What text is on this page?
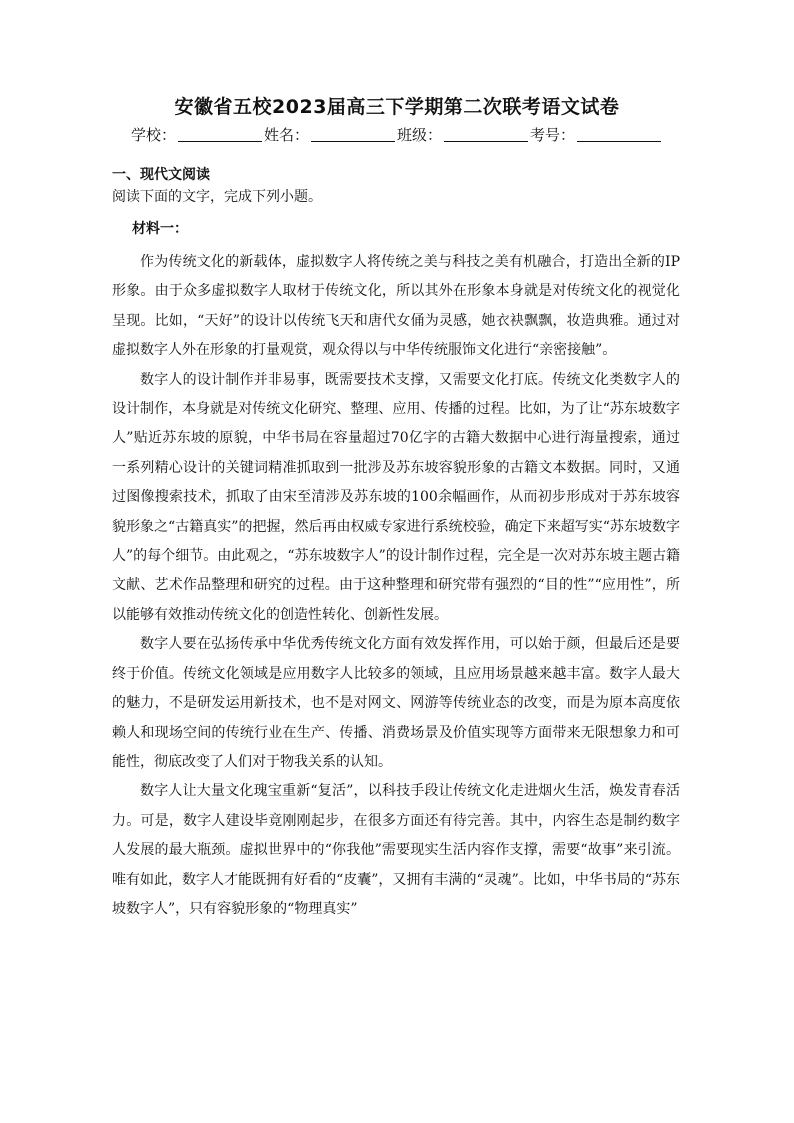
安徽省五校2023届高三下学期第二次联考语文试卷
学校：	姓名：	班级：	考号：
一、现代文阅读
阅读下面的文字，完成下列小题。
材料一：

作为传统文化的新载体，虚拟数字人将传统之美与科技之美有机融合，打造出全新的IP形象。由于众多虚拟数字人取材于传统文化，所以其外在形象本身就是对传统文化的视觉化呈现。比如，“天好”的设计以传统飞天和唐代女俑为灵感，她衣袂飘飘，妆造典雅。通过对虚拟数字人外在形象的打量观赏，观众得以与中华传统服饰文化进行“亲密接触”。

数字人的设计制作并非易事，既需要技术支撑，又需要文化打底。传统文化类数字人的设计制作，本身就是对传统文化研究、整理、应用、传播的过程。比如，为了让“苏东坡数字人”贴近苏东坡的原貌，中华书局在容量超过70亿字的古籍大数据中心进行海量搜索，通过一系列精心设计的关键词精准抓取到一批涉及苏东坡容貌形象的古籍文本数据。同时，又通过图像搜索技术，抓取了由宋至清涉及苏东坡的100余幅画作，从而初步形成对于苏东坡容貌形象之“古籍真实”的把握，然后再由权威专家进行系统校验，确定下来超写实“苏东坡数字人”的每个细节。由此观之，“苏东坡数字人”的设计制作过程，完全是一次对苏东坡主题古籍文献、艺术作品整理和研究的过程。由于这种整理和研究带有强烈的“目的性”“应用性”，所以能够有效推动传统文化的创造性转化、创新性发展。

数字人要在弘扬传承中华优秀传统文化方面有效发挥作用，可以始于颜，但最后还是要终于价值。传统文化领域是应用数字人比较多的领域，且应用场景越来越丰富。数字人最大的魅力，不是研发运用新技术，也不是对网文、网游等传统业态的改变，而是为原本高度依赖人和现场空间的传统行业在生产、传播、消费场景及价值实现等方面带来无限想象力和可能性，彻底改变了人们对于物我关系的认知。

数字人让大量文化瑰宝重新“复活”，以科技手段让传统文化走进烟火生活，焕发青春活力。可是，数字人建设毕竟刚刚起步，在很多方面还有待完善。其中，内容生态是制约数字人发展的最大瓶颈。虚拟世界中的“你我他”需要现实生活内容作支撑，需要“故事”来引流。唯有如此，数字人才能既拥有好看的“皮囊”，又拥有丰满的“灵魂”。比如，中华书局的“苏东坡数字人”，只有容貌形象的“物理真实”
